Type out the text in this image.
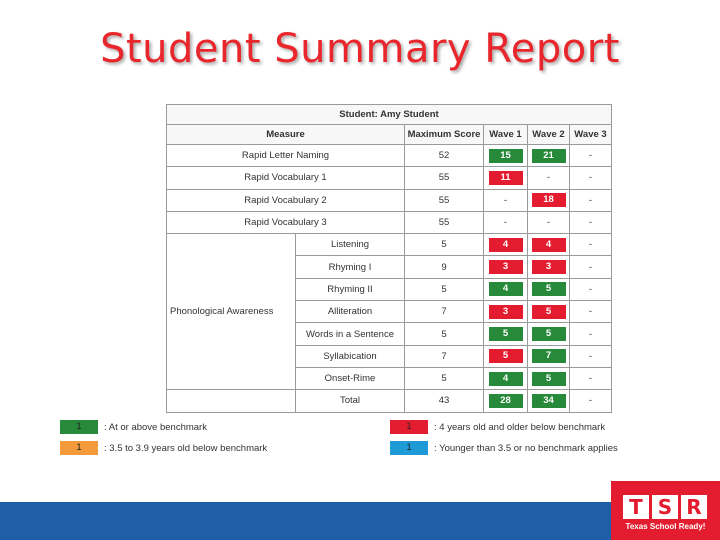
Student Summary Report
Student: Amy Student					
Measure		Maximum Score	Wave 1	Wave 2	Wave 3
Rapid Letter Naming		52	15	21	-
Rapid Vocabulary 1		55	11	-	-
Rapid Vocabulary 2		55	-	18	-
Rapid Vocabulary 3		55	-	-	-
Phonological Awareness	Listening	5	4	4	-
	Rhyming I	9	3	3	-
	Rhyming II	5	4	5	-
	Alliteration	7	3	5	-
	Words in a Sentence	5	5	5	-
	Syllabication	7	5	7	-
	Onset-Rime	5	4	5	-
	Total	43	28	34	-
1	: At or above benchmark
1	: 3.5 to 3.9 years old below benchmark
1	: 4 years old and older below benchmark
1	: Younger than 3.5 or no benchmark applies
T S R
Texas School Ready!
